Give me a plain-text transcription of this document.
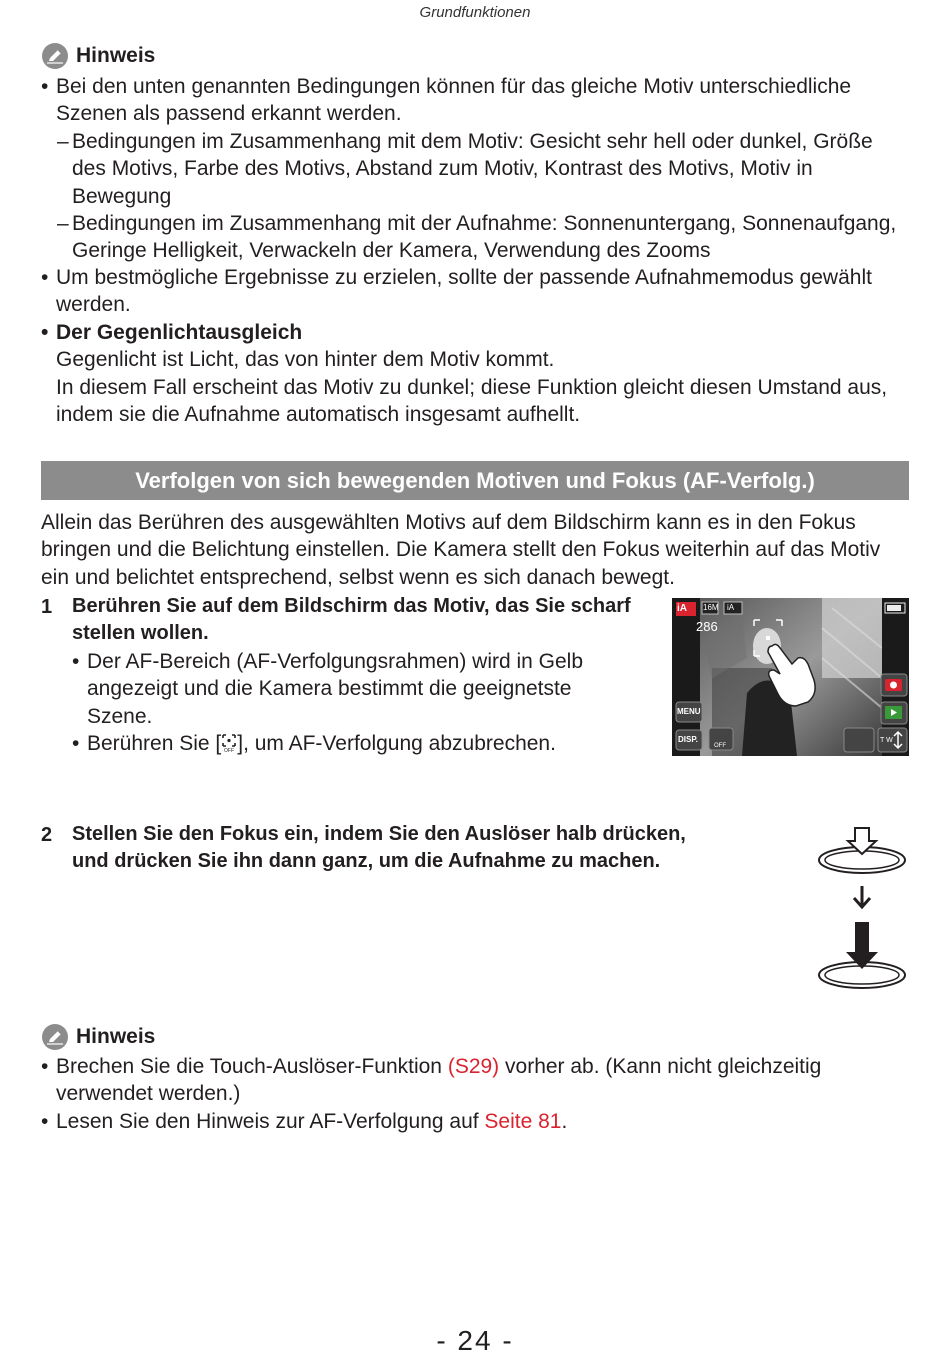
Grundfunktionen
Hinweis
• Bei den unten genannten Bedingungen können für das gleiche Motiv unterschiedliche Szenen als passend erkannt werden.
– Bedingungen im Zusammenhang mit dem Motiv: Gesicht sehr hell oder dunkel, Größe des Motivs, Farbe des Motivs, Abstand zum Motiv, Kontrast des Motivs, Motiv in Bewegung
– Bedingungen im Zusammenhang mit der Aufnahme: Sonnenuntergang, Sonnenaufgang, Geringe Helligkeit, Verwackeln der Kamera, Verwendung des Zooms
• Um bestmögliche Ergebnisse zu erzielen, sollte der passende Aufnahmemodus gewählt werden.
• Der Gegenlichtausgleich
Gegenlicht ist Licht, das von hinter dem Motiv kommt.
In diesem Fall erscheint das Motiv zu dunkel; diese Funktion gleicht diesen Umstand aus, indem sie die Aufnahme automatisch insgesamt aufhellt.
Verfolgen von sich bewegenden Motiven und Fokus (AF-Verfolg.)
Allein das Berühren des ausgewählten Motivs auf dem Bildschirm kann es in den Fokus bringen und die Belichtung einstellen. Die Kamera stellt den Fokus weiterhin auf das Motiv ein und belichtet entsprechend, selbst wenn es sich danach bewegt.
1 Berühren Sie auf dem Bildschirm das Motiv, das Sie scharf stellen wollen.
• Der AF-Bereich (AF-Verfolgungsrahmen) wird in Gelb angezeigt und die Kamera bestimmt die geeignetste Szene.
• Berühren Sie [ OFF ], um AF-Verfolgung abzubrechen.
iA 16M iA
286
MENU
DISP.
OFF
T W
2 Stellen Sie den Fokus ein, indem Sie den Auslöser halb drücken, und drücken Sie ihn dann ganz, um die Aufnahme zu machen.
Hinweis
• Brechen Sie die Touch-Auslöser-Funktion (S29) vorher ab. (Kann nicht gleichzeitig verwendet werden.)
• Lesen Sie den Hinweis zur AF-Verfolgung auf Seite 81.
- 24 -
